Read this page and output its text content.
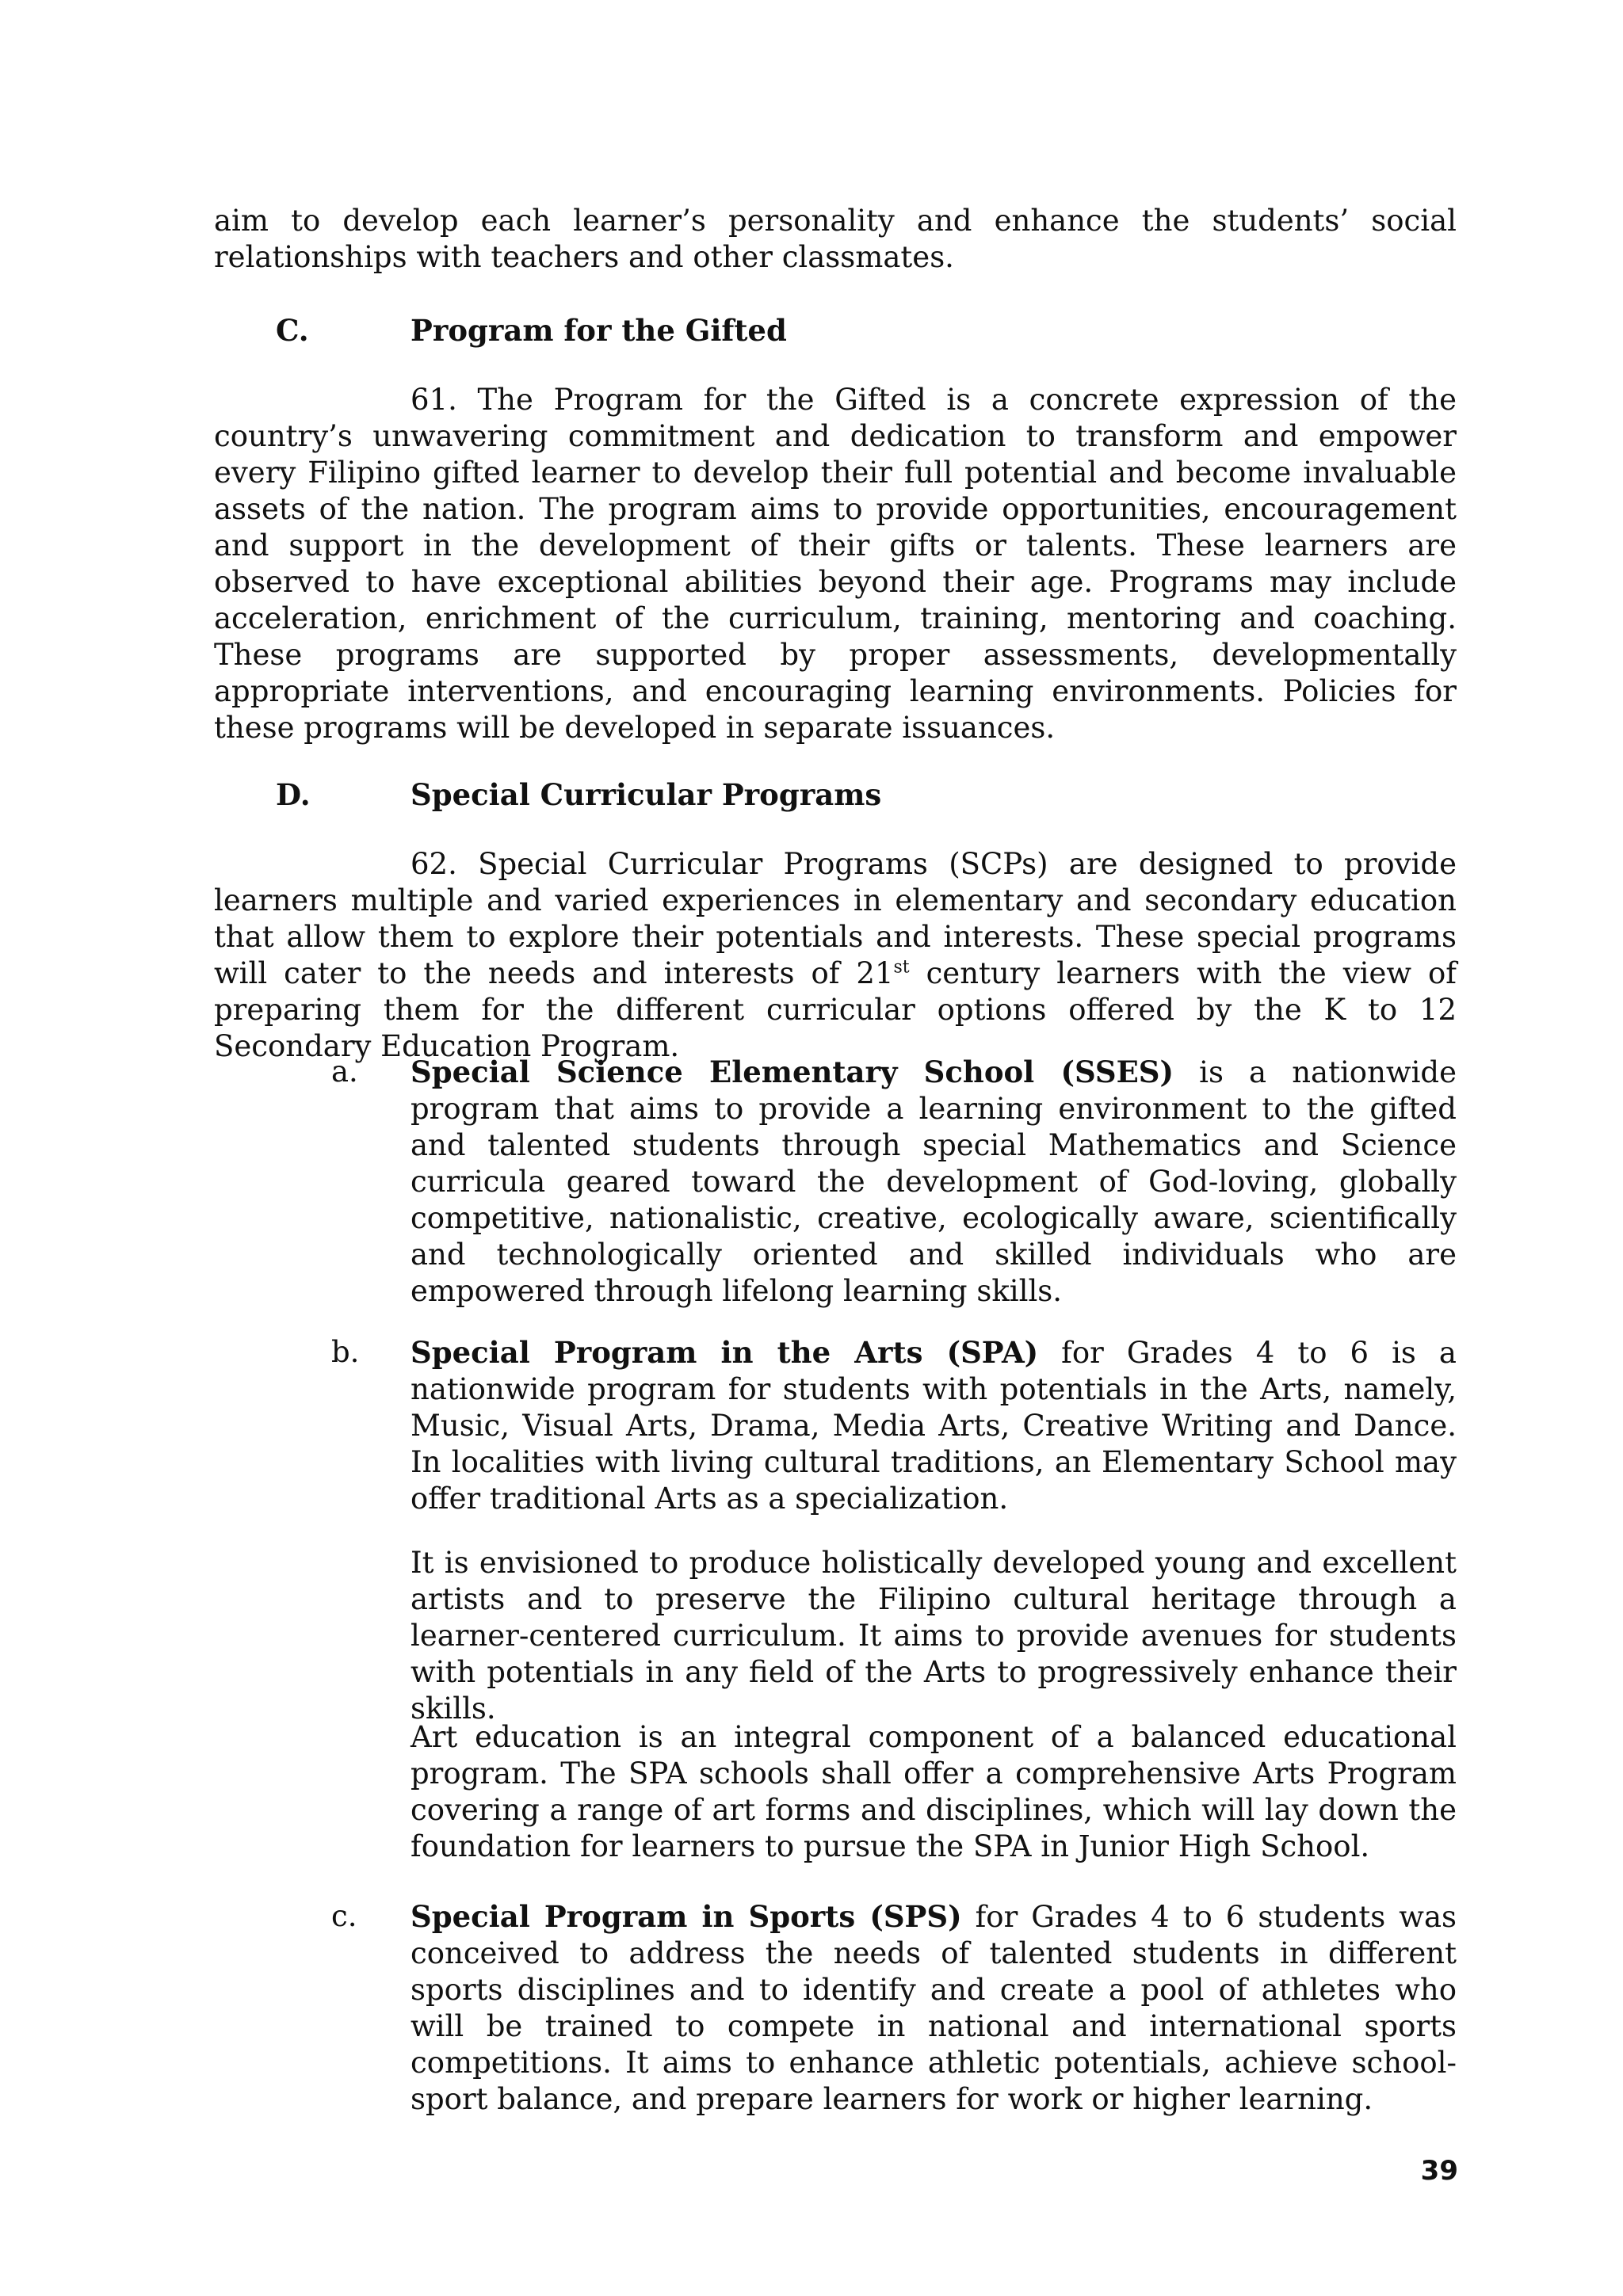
aim to develop each learner’s personality and enhance the students’ social relationships with teachers and other classmates.

C.	Program for the Gifted

61. The Program for the Gifted is a concrete expression of the country’s unwavering commitment and dedication to transform and empower every Filipino gifted learner to develop their full potential and become invaluable assets of the nation. The program aims to provide opportunities, encouragement and support in the development of their gifts or talents. These learners are observed to have exceptional abilities beyond their age. Programs may include acceleration, enrichment of the curriculum, training, mentoring and coaching. These programs are supported by proper assessments, developmentally appropriate interventions, and encouraging learning environments. Policies for these programs will be developed in separate issuances.

D.	Special Curricular Programs

62. Special Curricular Programs (SCPs) are designed to provide learners multiple and varied experiences in elementary and secondary education that allow them to explore their potentials and interests. These special programs will cater to the needs and interests of 21st century learners with the view of preparing them for the different curricular options offered by the K to 12 Secondary Education Program.

a. Special Science Elementary School (SSES) is a nationwide program that aims to provide a learning environment to the gifted and talented students through special Mathematics and Science curricula geared toward the development of God-loving, globally competitive, nationalistic, creative, ecologically aware, scientifically and technologically oriented and skilled individuals who are empowered through lifelong learning skills.

b. Special Program in the Arts (SPA) for Grades 4 to 6 is a nationwide program for students with potentials in the Arts, namely, Music, Visual Arts, Drama, Media Arts, Creative Writing and Dance. In localities with living cultural traditions, an Elementary School may offer traditional Arts as a specialization.

It is envisioned to produce holistically developed young and excellent artists and to preserve the Filipino cultural heritage through a learner-centered curriculum. It aims to provide avenues for students with potentials in any field of the Arts to progressively enhance their skills.

Art education is an integral component of a balanced educational program. The SPA schools shall offer a comprehensive Arts Program covering a range of art forms and disciplines, which will lay down the foundation for learners to pursue the SPA in Junior High School.

c. Special Program in Sports (SPS) for Grades 4 to 6 students was conceived to address the needs of talented students in different sports disciplines and to identify and create a pool of athletes who will be trained to compete in national and international sports competitions. It aims to enhance athletic potentials, achieve school-sport balance, and prepare learners for work or higher learning.

39
